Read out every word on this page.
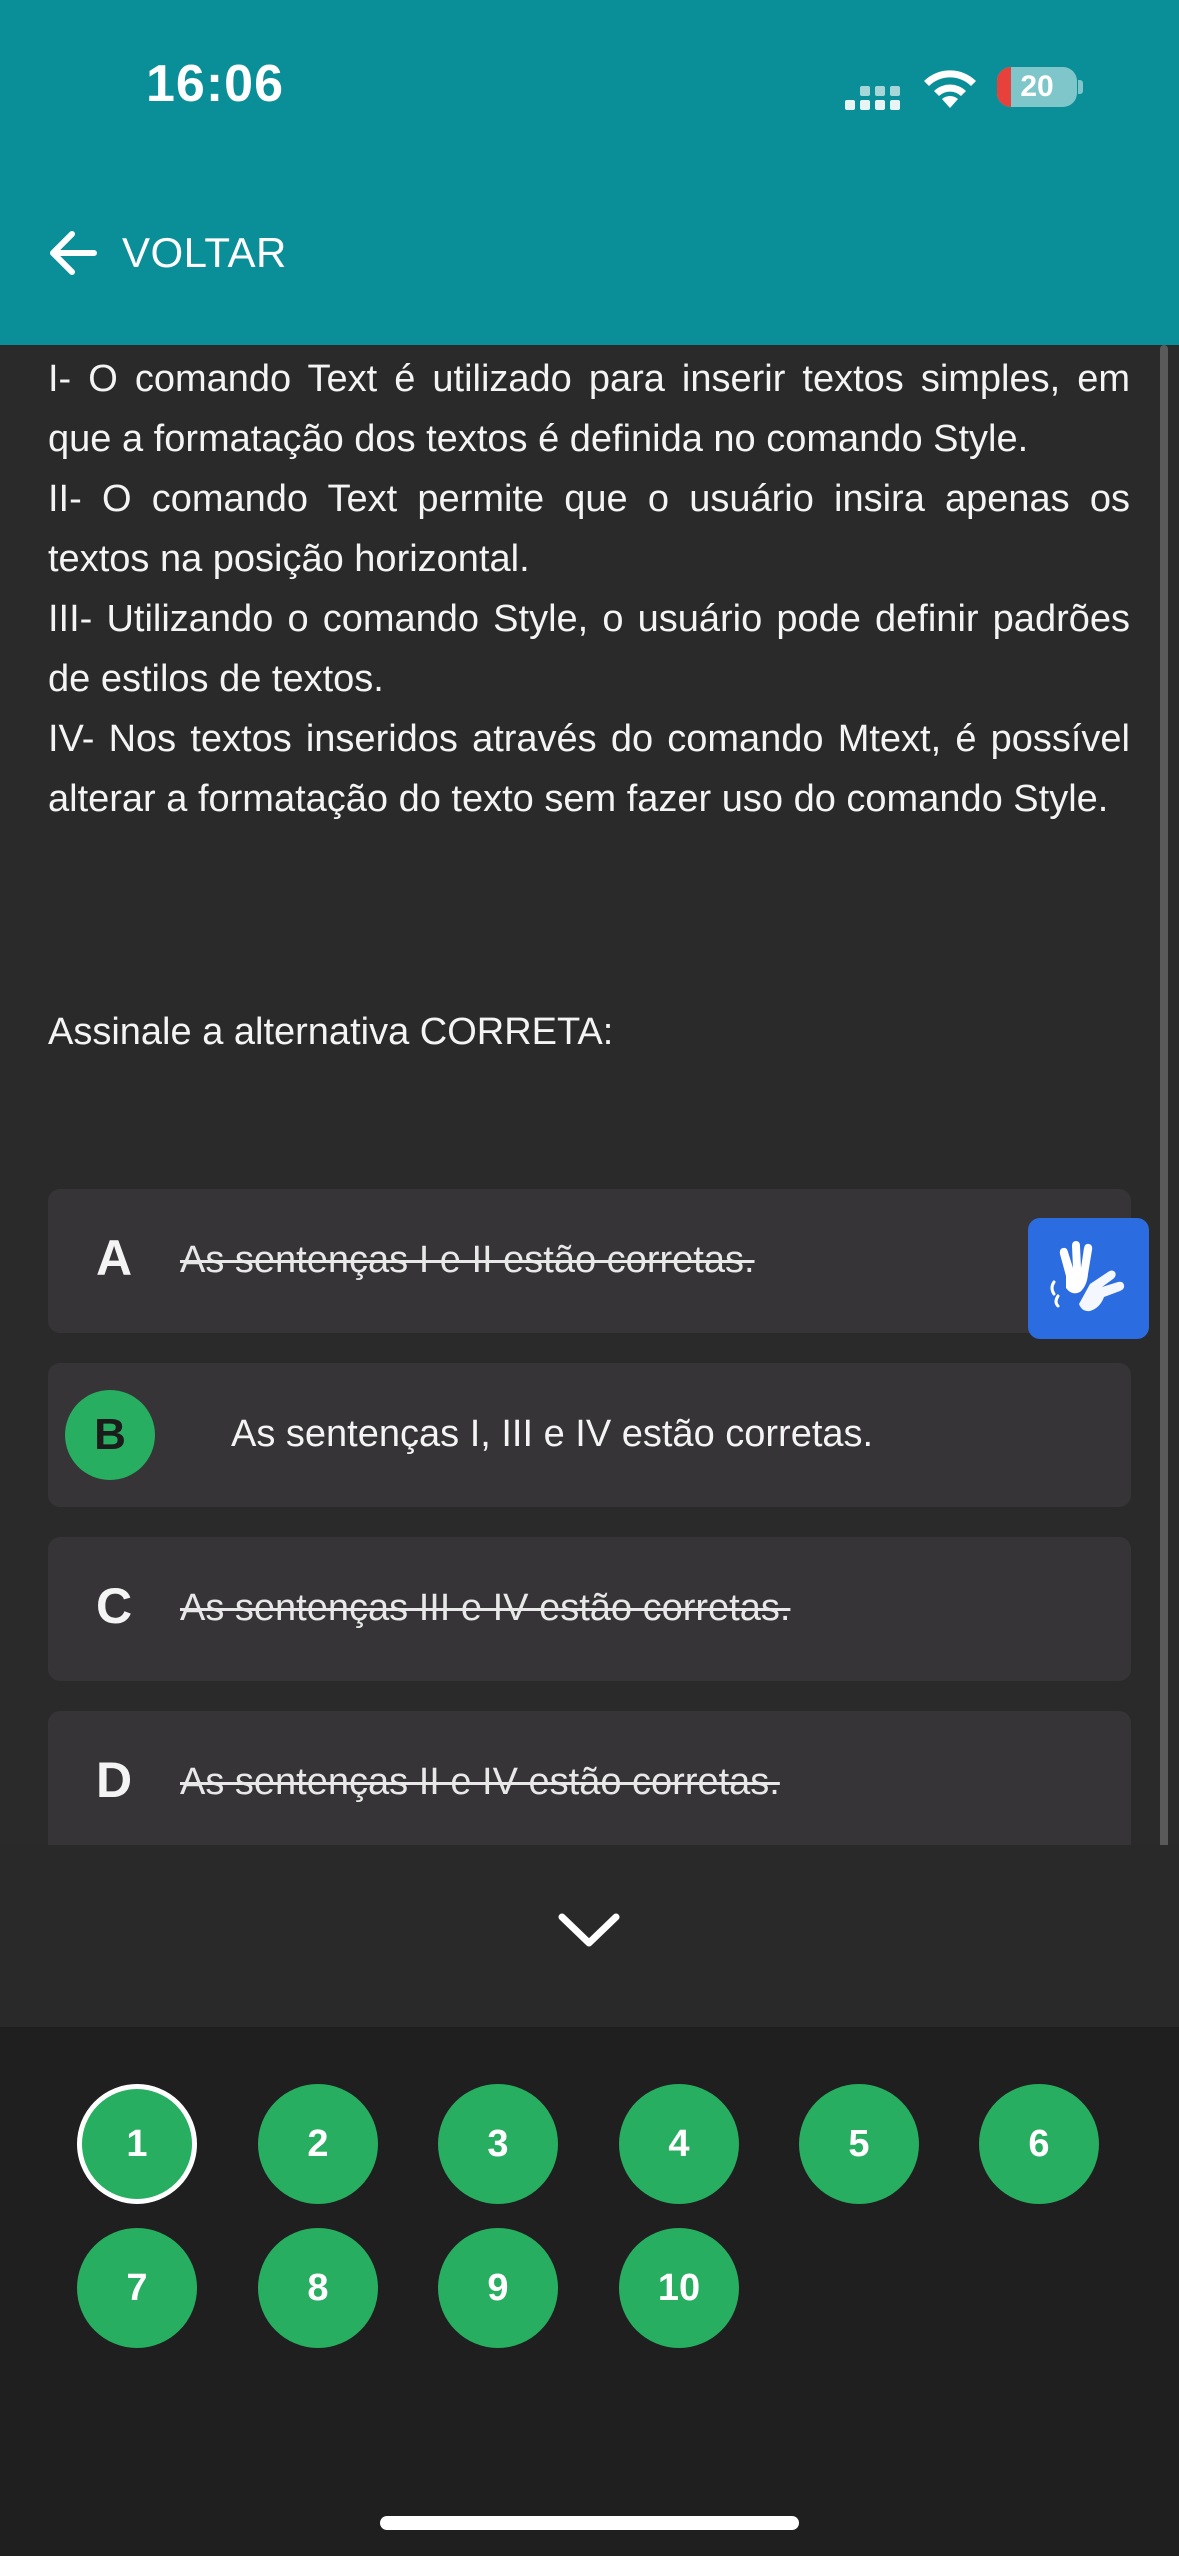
16:06	20
VOLTAR

I- O comando Text é utilizado para inserir textos simples, em que a formatação dos textos é definida no comando Style.

II- O comando Text permite que o usuário insira apenas os textos na posição horizontal.

III- Utilizando o comando Style, o usuário pode definir padrões de estilos de textos.

IV- Nos textos inseridos através do comando Mtext, é possível alterar a formatação do texto sem fazer uso do comando Style.

Assinale a alternativa CORRETA:
A As sentenças I e II estão corretas.
B	As sentenças I, III e IV estão corretas.
C As sentenças III e IV estão corretas.
D As sentenças II e IV estão corretas.
1	2	3	4	5	6
7	8	9	10
